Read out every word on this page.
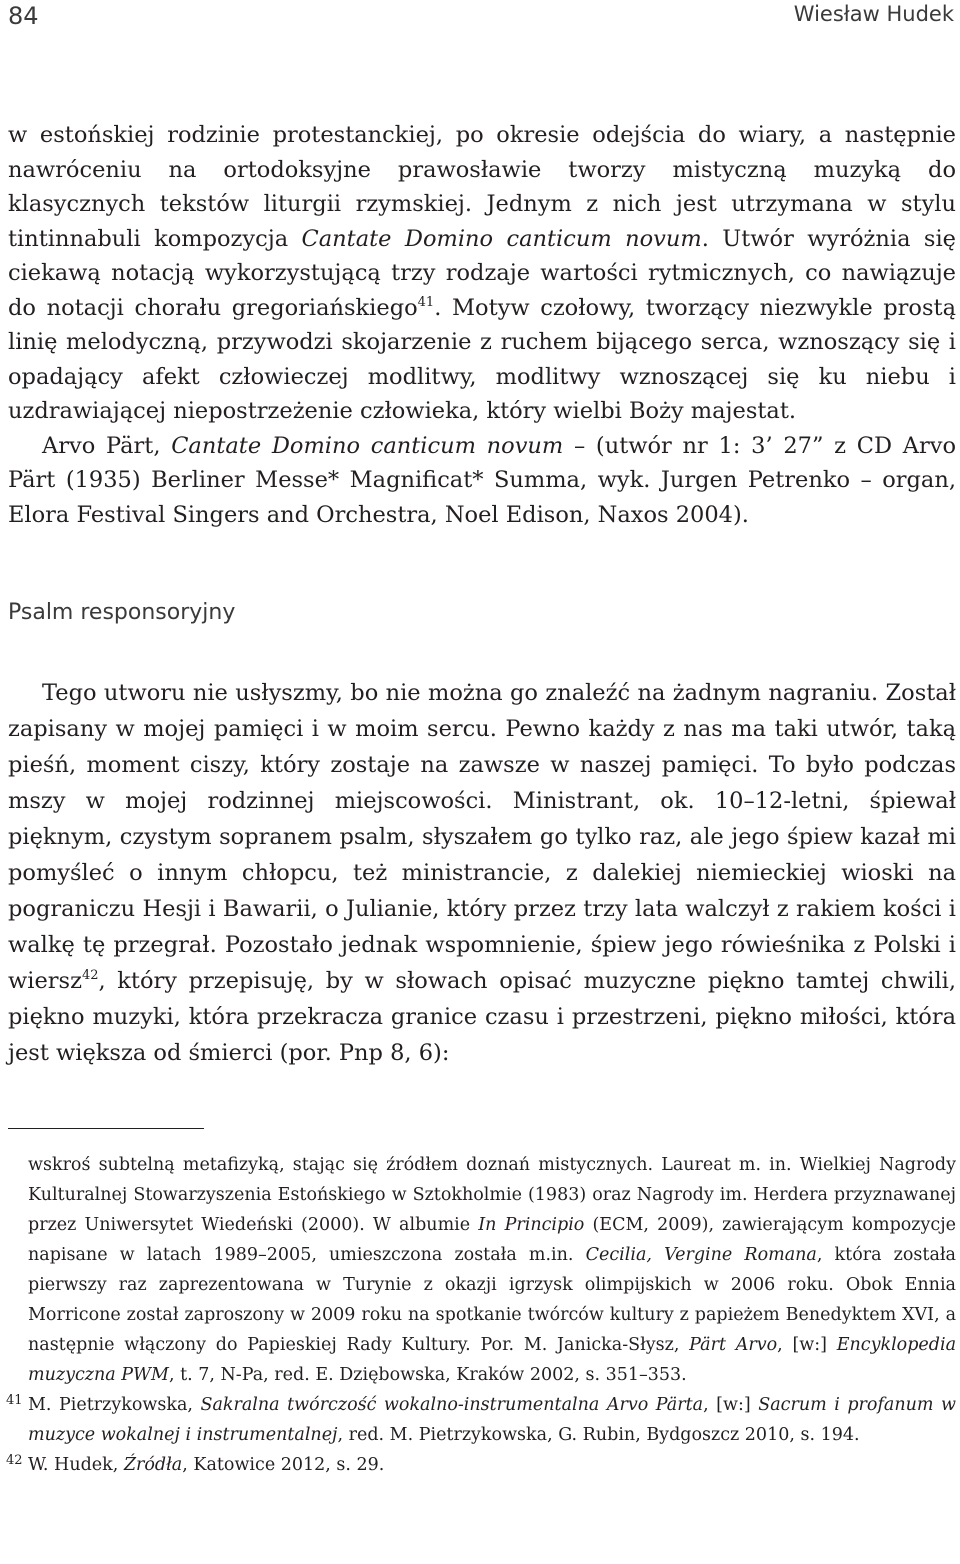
84	Wiesław Hudek

w estońskiej rodzinie protestanckiej, po okresie odejścia do wiary, a następnie nawróceniu na ortodoksyjne prawosławie tworzy mistyczną muzyką do klasycznych tekstów liturgii rzymskiej. Jednym z nich jest utrzymana w stylu tintinnabuli kompozycja Cantate Domino canticum novum. Utwór wyróżnia się ciekawą notacją wykorzystującą trzy rodzaje wartości rytmicznych, co nawiązuje do notacji chorału gregoriańskiego$^{41}$. Motyw czołowy, tworzący niezwykle prostą linię melodyczną, przywodzi skojarzenie z ruchem bijącego serca, wznoszący się i opadający afekt człowieczej modlitwy, modlitwy wznoszącej się ku niebu i uzdrawiającej niepostrzeżenie człowieka, który wielbi Boży majestat.

Arvo Pärt, Cantate Domino canticum novum – (utwór nr 1: 3’ 27” z CD Arvo Pärt (1935) Berliner Messe* Magnificat* Summa, wyk. Jurgen Petrenko – organ, Elora Festival Singers and Orchestra, Noel Edison, Naxos 2004).

Psalm responsoryjny

Tego utworu nie usłyszmy, bo nie można go znaleźć na żadnym nagraniu. Został zapisany w mojej pamięci i w moim sercu. Pewno każdy z nas ma taki utwór, taką pieśń, moment ciszy, który zostaje na zawsze w naszej pamięci. To było podczas mszy w mojej rodzinnej miejscowości. Ministrant, ok. 10–12-letni, śpiewał pięknym, czystym sopranem psalm, słyszałem go tylko raz, ale jego śpiew kazał mi pomyśleć o innym chłopcu, też ministrancie, z dalekiej niemieckiej wioski na pograniczu Hesji i Bawarii, o Julianie, który przez trzy lata walczył z rakiem kości i walkę tę przegrał. Pozostało jednak wspomnienie, śpiew jego rówieśnika z Polski i wiersz$^{42}$, który przepisuję, by w słowach opisać muzyczne piękno tamtej chwili, piękno muzyki, która przekracza granice czasu i przestrzeni, piękno miłości, która jest większa od śmierci (por. Pnp 8, 6):

wskroś subtelną metafizyką, stając się źródłem doznań mistycznych. Laureat m. in. Wielkiej Nagrody Kulturalnej Stowarzyszenia Estońskiego w Sztokholmie (1983) oraz Nagrody im. Herdera przyznawanej przez Uniwersytet Wiedeński (2000). W albumie In Principio (ECM, 2009), zawierającym kompozycje napisane w latach 1989–2005, umieszczona została m.in. Cecilia, Vergine Romana, która została pierwszy raz zaprezentowana w Turynie z okazji igrzysk olimpijskich w 2006 roku. Obok Ennia Morricone został zaproszony w 2009 roku na spotkanie twórców kultury z papieżem Benedyktem XVI, a następnie włączony do Papieskiej Rady Kultury. Por. M. Janicka-Słysz, Pärt Arvo, [w:] Encyklopedia muzyczna PWM, t. 7, N-Pa, red. E. Dziębowska, Kraków 2002, s. 351–353.

41 M. Pietrzykowska, Sakralna twórczość wokalno-instrumentalna Arvo Pärta, [w:] Sacrum i profanum w muzyce wokalnej i instrumentalnej, red. M. Pietrzykowska, G. Rubin, Bydgoszcz 2010, s. 194.

42 W. Hudek, Źródła, Katowice 2012, s. 29.
